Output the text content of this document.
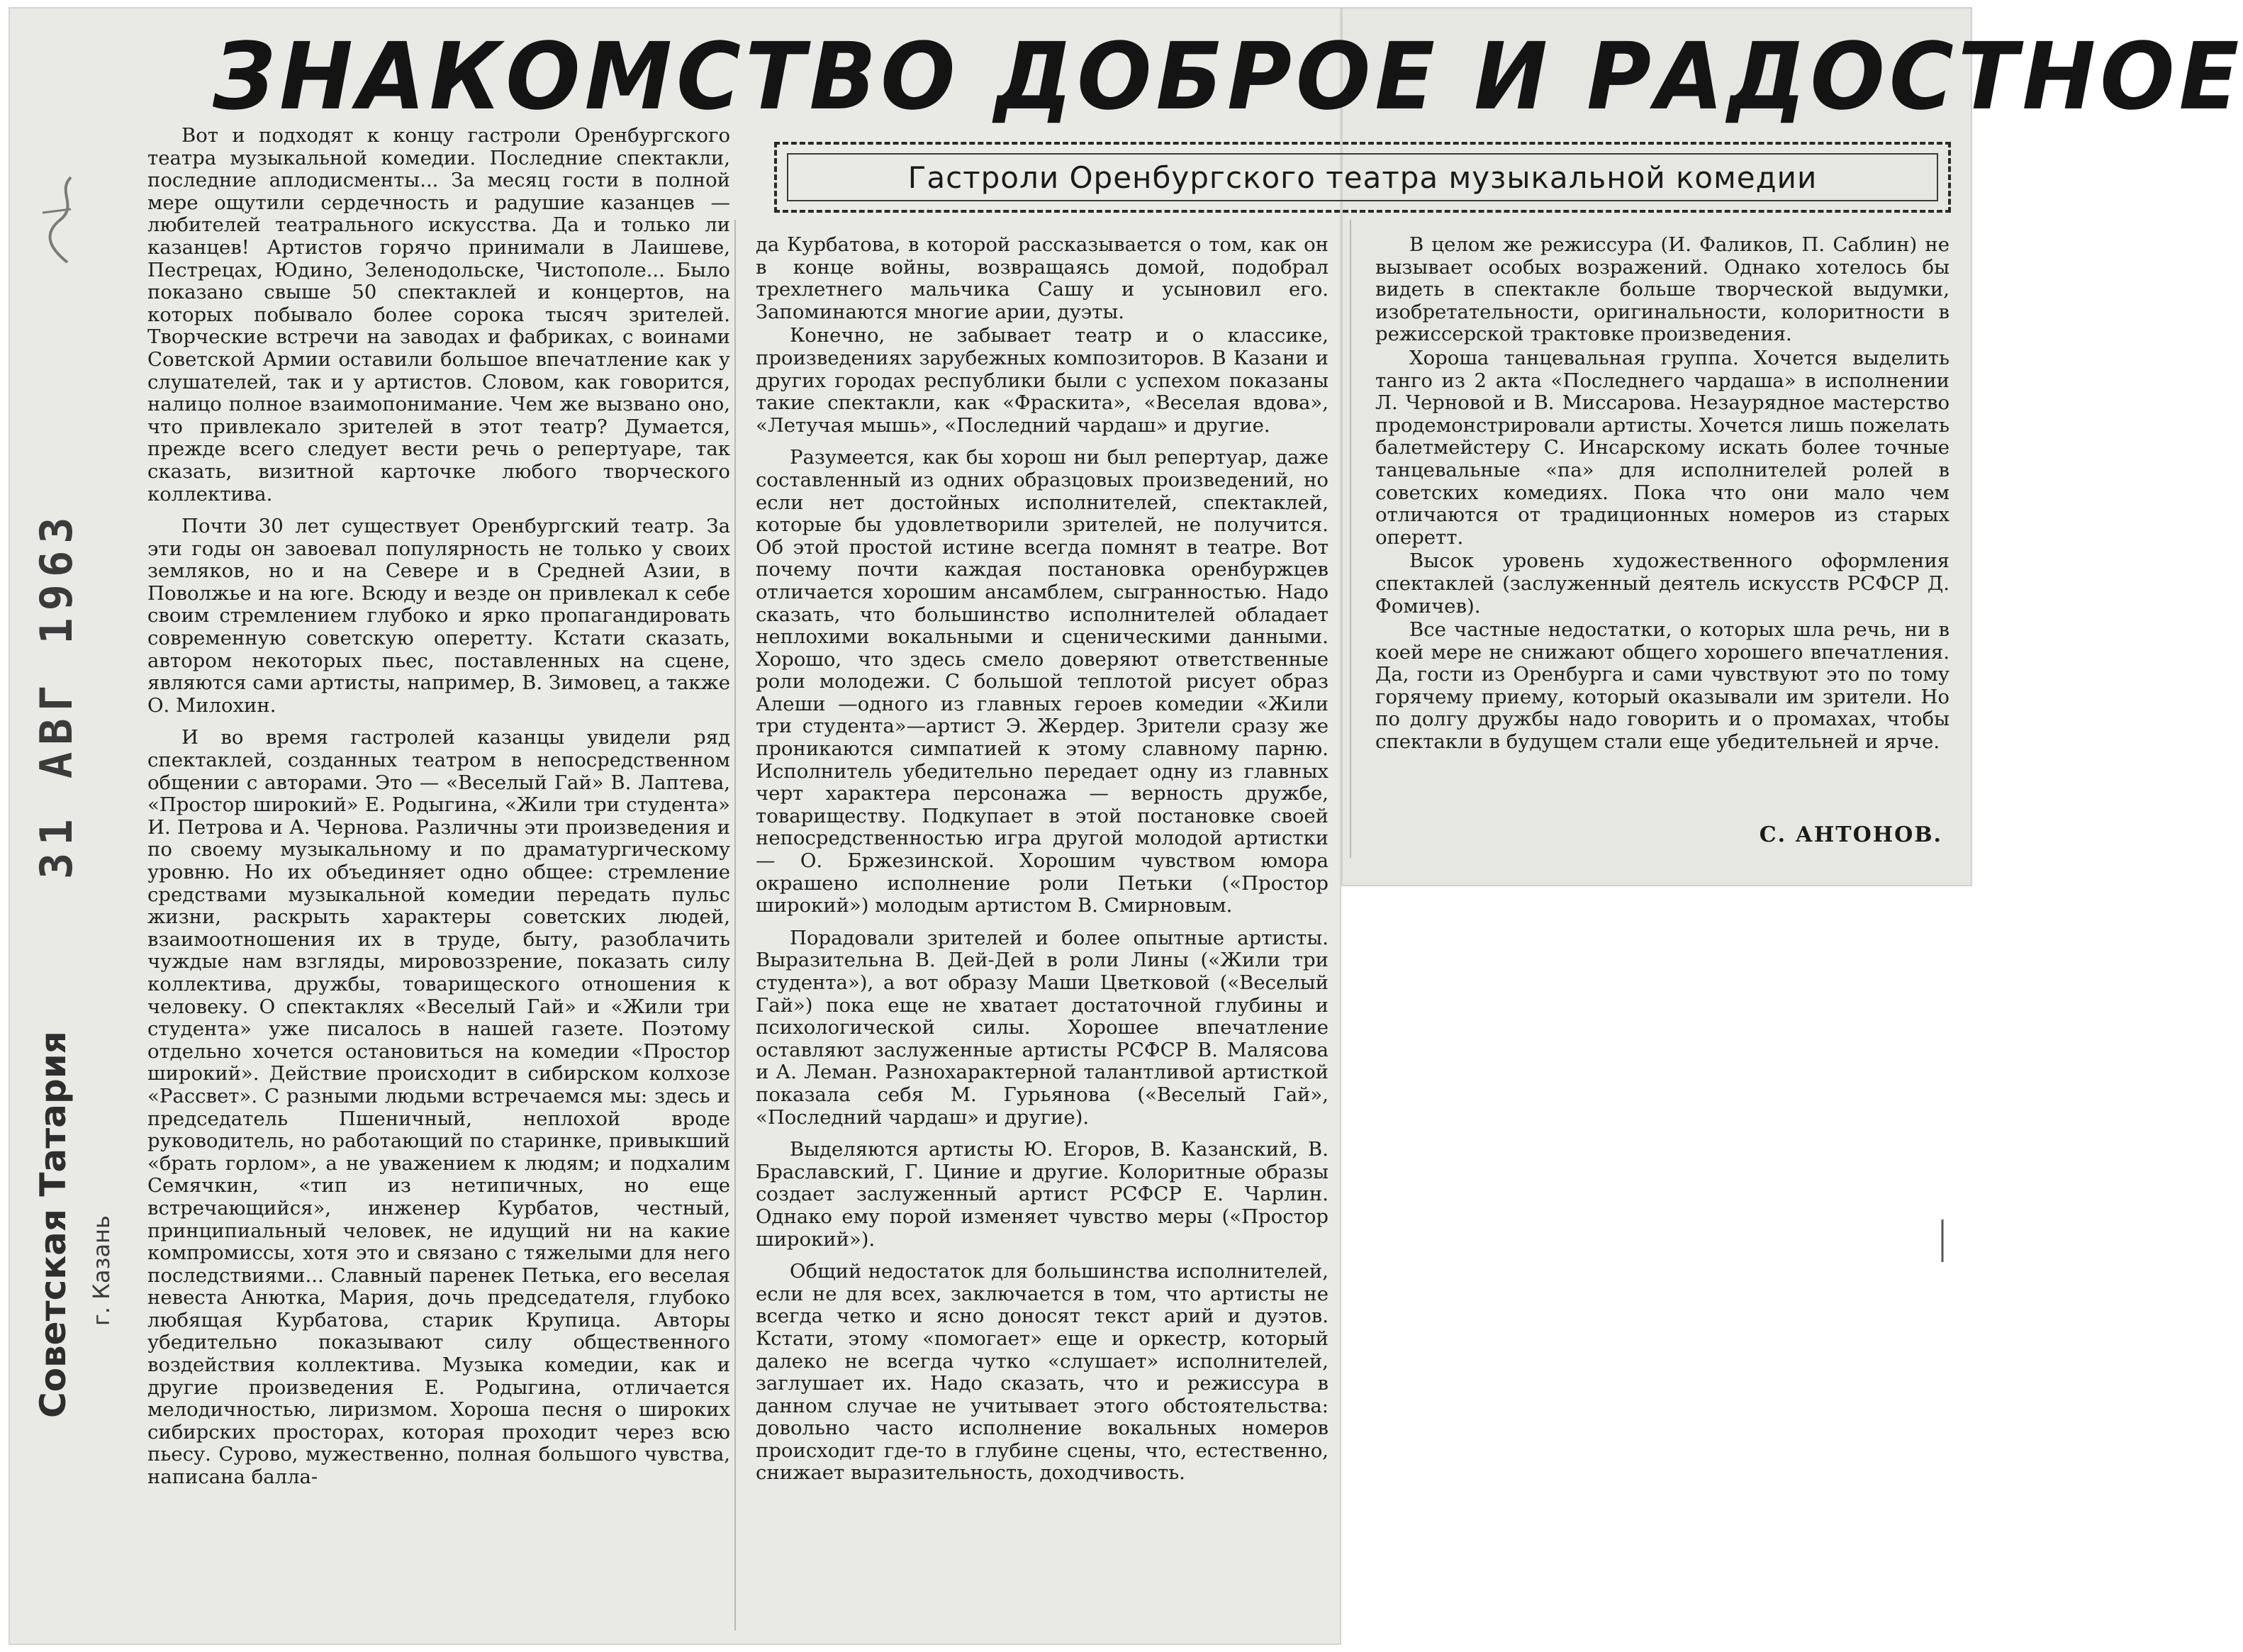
31 АВГ 1963
Советская Татария г. Казань
ЗНАКОМСТВО ДОБРОЕ И РАДОСТНОЕ
Гастроли Оренбургского театра музыкальной комедии

Вот и подходят к концу гастроли Оренбургского театра музыкальной комедии. Последние спектакли, последние аплодисменты... За месяц гости в полной мере ощутили сердечность и радушие казанцев — любителей театрального искусства. Да и только ли казанцев! Артистов горячо принимали в Лаишеве, Пестрецах, Юдино, Зеленодольске, Чистополе... Было показано свыше 50 спектаклей и концертов, на которых побывало более сорока тысяч зрителей. Творческие встречи на заводах и фабриках, с воинами Советской Армии оставили большое впечатление как у слушателей, так и у артистов. Словом, как говорится, налицо полное взаимопонимание. Чем же вызвано оно, что привлекало зрителей в этот театр? Думается, прежде всего следует вести речь о репертуаре, так сказать, визитной карточке любого творческого коллектива.

Почти 30 лет существует Оренбургский театр. За эти годы он завоевал популярность не только у своих земляков, но и на Севере и в Средней Азии, в Поволжье и на юге. Всюду и везде он привлекал к себе своим стремлением глубоко и ярко пропагандировать современную советскую оперетту. Кстати сказать, автором некоторых пьес, поставленных на сцене, являются сами артисты, например, В. Зимовец, а также О. Милохин.

И во время гастролей казанцы увидели ряд спектаклей, созданных театром в непосредственном общении с авторами. Это — «Веселый Гай» В. Лаптева, «Простор широкий» Е. Родыгина, «Жили три студента» И. Петрова и А. Чернова. Различны эти произведения и по своему музыкальному и по драматургическому уровню. Но их объединяет одно общее: стремление средствами музыкальной комедии передать пульс жизни, раскрыть характеры советских людей, взаимоотношения их в труде, быту, разоблачить чуждые нам взгляды, мировоззрение, показать силу коллектива, дружбы, товарищеского отношения к человеку. О спектаклях «Веселый Гай» и «Жили три студента» уже писалось в нашей газете. Поэтому отдельно хочется остановиться на комедии «Простор широкий». Действие происходит в сибирском колхозе «Рассвет». С разными людьми встречаемся мы: здесь и председатель Пшеничный, неплохой вроде руководитель, но работающий по старинке, привыкший «брать горлом», а не уважением к людям; и подхалим Семячкин, «тип из нетипичных, но еще встречающийся», инженер Курбатов, честный, принципиальный человек, не идущий ни на какие компромиссы, хотя это и связано с тяжелыми для него последствиями... Славный паренек Петька, его веселая невеста Анютка, Мария, дочь председателя, глубоко любящая Курбатова, старик Крупица. Авторы убедительно показывают силу общественного воздействия коллектива. Музыка комедии, как и другие произведения Е. Родыгина, отличается мелодичностью, лиризмом. Хороша песня о широких сибирских просторах, которая проходит через всю пьесу. Сурово, мужественно, полная большого чувства, написана балла-

да Курбатова, в которой рассказывается о том, как он в конце войны, возвращаясь домой, подобрал трехлетнего мальчика Сашу и усыновил его. Запоминаются многие арии, дуэты.

Конечно, не забывает театр и о классике, произведениях зарубежных композиторов. В Казани и других городах республики были с успехом показаны такие спектакли, как «Фраскита», «Веселая вдова», «Летучая мышь», «Последний чардаш» и другие.

Разумеется, как бы хорош ни был репертуар, даже составленный из одних образцовых произведений, но если нет достойных исполнителей, спектаклей, которые бы удовлетворили зрителей, не получится. Об этой простой истине всегда помнят в театре. Вот почему почти каждая постановка оренбуржцев отличается хорошим ансамблем, сыгранностью. Надо сказать, что большинство исполнителей обладает неплохими вокальными и сценическими данными. Хорошо, что здесь смело доверяют ответственные роли молодежи. С большой теплотой рисует образ Алеши —одного из главных героев комедии «Жили три студента»—артист Э. Жердер. Зрители сразу же проникаются симпатией к этому славному парню. Исполнитель убедительно передает одну из главных черт характера персонажа — верность дружбе, товариществу. Подкупает в этой постановке своей непосредственностью игра другой молодой артистки — О. Бржезинской. Хорошим чувством юмора окрашено исполнение роли Петьки («Простор широкий») молодым артистом В. Смирновым.

Порадовали зрителей и более опытные артисты. Выразительна В. Дей-Дей в роли Лины («Жили три студента»), а вот образу Маши Цветковой («Веселый Гай») пока еще не хватает достаточной глубины и психологической силы. Хорошее впечатление оставляют заслуженные артисты РСФСР В. Малясова и А. Леман. Разнохарактерной талантливой артисткой показала себя М. Гурьянова («Веселый Гай», «Последний чардаш» и другие).

Выделяются артисты Ю. Егоров, В. Казанский, В. Браславский, Г. Циние и другие. Колоритные образы создает заслуженный артист РСФСР Е. Чарлин. Однако ему порой изменяет чувство меры («Простор широкий»).

Общий недостаток для большинства исполнителей, если не для всех, заключается в том, что артисты не всегда четко и ясно доносят текст арий и дуэтов. Кстати, этому «помогает» еще и оркестр, который далеко не всегда чутко «слушает» исполнителей, заглушает их. Надо сказать, что и режиссура в данном случае не учитывает этого обстоятельства: довольно часто исполнение вокальных номеров происходит где-то в глубине сцены, что, естественно, снижает выразительность, доходчивость.

В целом же режиссура (И. Фаликов, П. Саблин) не вызывает особых возражений. Однако хотелось бы видеть в спектакле больше творческой выдумки, изобретательности, оригинальности, колоритности в режиссерской трактовке произведения.

Хороша танцевальная группа. Хочется выделить танго из 2 акта «Последнего чардаша» в исполнении Л. Черновой и В. Миссарова. Незаурядное мастерство продемонстрировали артисты. Хочется лишь пожелать балетмейстеру С. Инсарскому искать более точные танцевальные «па» для исполнителей ролей в советских комедиях. Пока что они мало чем отличаются от традиционных номеров из старых оперетт.

Высок уровень художественного оформления спектаклей (заслуженный деятель искусств РСФСР Д. Фомичев).

Все частные недостатки, о которых шла речь, ни в коей мере не снижают общего хорошего впечатления. Да, гости из Оренбурга и сами чувствуют это по тому горячему приему, который оказывали им зрители. Но по долгу дружбы надо говорить и о промахах, чтобы спектакли в будущем стали еще убедительней и ярче.

С. АНТОНОВ.
